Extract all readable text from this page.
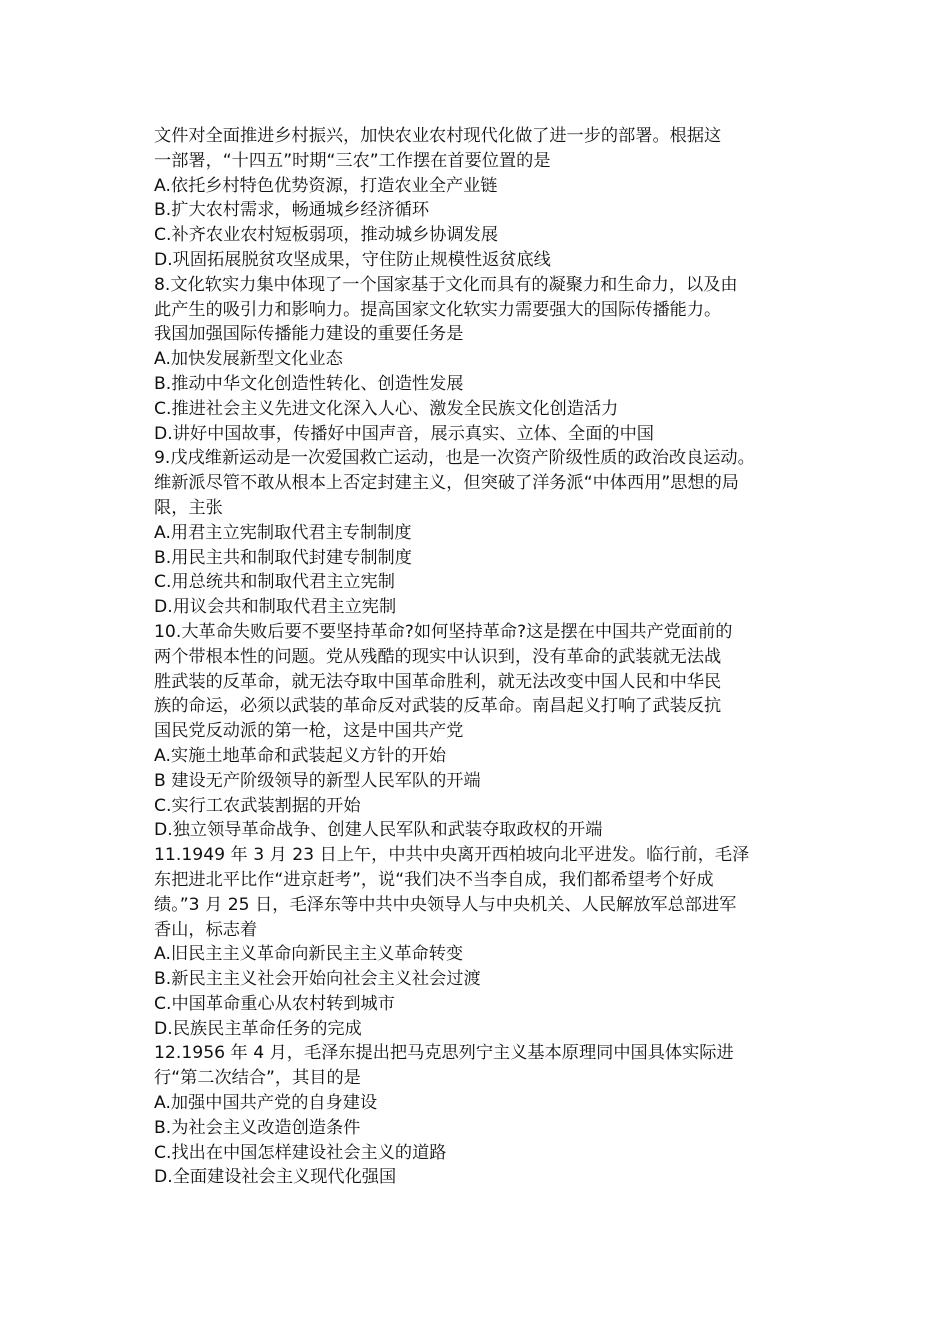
文件对全面推进乡村振兴，加快农业农村现代化做了进一步的部署。根据这
一部署，“十四五”时期“三农”工作摆在首要位置的是
A.依托乡村特色优势资源，打造农业全产业链
B.扩大农村需求，畅通城乡经济循环
C.补齐农业农村短板弱项，推动城乡协调发展
D.巩固拓展脱贫攻坚成果，守住防止规模性返贫底线
8.文化软实力集中体现了一个国家基于文化而具有的凝聚力和生命力，以及由
此产生的吸引力和影响力。提高国家文化软实力需要强大的国际传播能力。
我国加强国际传播能力建设的重要任务是
A.加快发展新型文化业态
B.推动中华文化创造性转化、创造性发展
C.推进社会主义先进文化深入人心、激发全民族文化创造活力
D.讲好中国故事，传播好中国声音，展示真实、立体、全面的中国
9.戊戌维新运动是一次爱国救亡运动，也是一次资产阶级性质的政治改良运动。
维新派尽管不敢从根本上否定封建主义，但突破了洋务派“中体西用”思想的局
限，主张
A.用君主立宪制取代君主专制制度
B.用民主共和制取代封建专制制度
C.用总统共和制取代君主立宪制
D.用议会共和制取代君主立宪制
10.大革命失败后要不要坚持革命?如何坚持革命?这是摆在中国共产党面前的
两个带根本性的问题。党从残酷的现实中认识到，没有革命的武装就无法战
胜武装的反革命，就无法夺取中国革命胜利，就无法改变中国人民和中华民
族的命运，必须以武装的革命反对武装的反革命。南昌起义打响了武装反抗
国民党反动派的第一枪，这是中国共产党
A.实施土地革命和武装起义方针的开始
B 建设无产阶级领导的新型人民军队的开端
C.实行工农武装割据的开始
D.独立领导革命战争、创建人民军队和武装夺取政权的开端
11.1949 年 3 月 23 日上午，中共中央离开西柏坡向北平进发。临行前，毛泽
东把进北平比作“进京赶考”，说“我们决不当李自成，我们都希望考个好成
绩。”3 月 25 日，毛泽东等中共中央领导人与中央机关、人民解放军总部进军
香山，标志着
A.旧民主主义革命向新民主主义革命转变
B.新民主主义社会开始向社会主义社会过渡
C.中国革命重心从农村转到城市
D.民族民主革命任务的完成
12.1956 年 4 月，毛泽东提出把马克思列宁主义基本原理同中国具体实际进
行“第二次结合”，其目的是
A.加强中国共产党的自身建设
B.为社会主义改造创造条件
C.找出在中国怎样建设社会主义的道路
D.全面建设社会主义现代化强国
